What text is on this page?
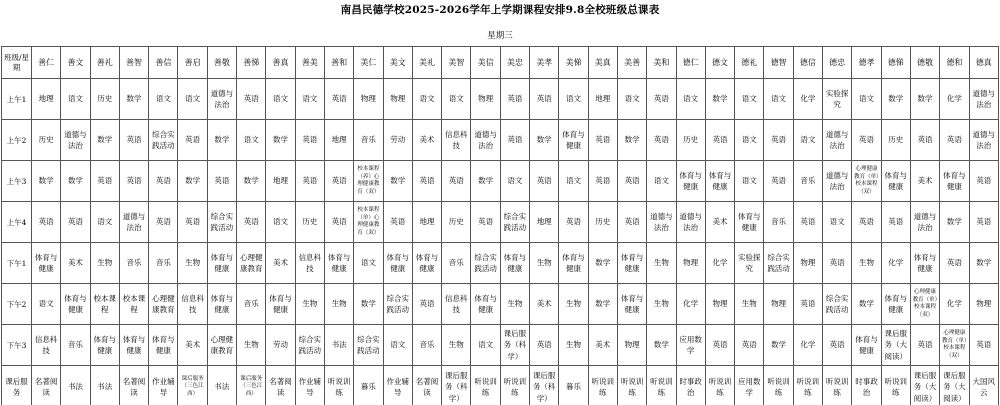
南昌民德学校2025-2026学年上学期课程安排9.8全校班级总课表
星期三
班级/星期	善仁	善文	善礼	善智	善信	善启	善敬	善悌	善真	善美	善和	美仁	美文	美礼	美智	美信	美忠	美孝	美悌	美真	美善	美和	德仁	德文	德礼	德智	德信	德忠	德孝	德悌	德敬	德和	德真
上午1	地理	语文	历史	数学	语文	语文	道德与法治	英语	语文	语文	英语	物理	物理	语文	语文	物理	英语	英语	语文	地理	语文	英语	语文	数学	语文	语文	化学	实验探究	语文	数学	数学	化学	道德与法治
上午2	历史	道德与法治	数学	英语	综合实践活动	英语	数学	语文	数学	英语	地理	音乐	劳动	美术	信息科技	道德与法治	英语	数学	体育与健康	英语	数学	英语	历史	英语	语文	英语	语文	道德与法治	英语	历史	英语	英语	道德与法治
上午3	数学	数学	英语	英语	英语	数学	英语	数学	地理	英语	英语	校本课程（养）心理健康教育（双）	数学	英语	英语	数学	语文	英语	语文	英语	英语	语文	体育与健康	体育与健康	语文	英语	音乐	道德与法治	心理健康教育（单）校本课程（双）	体育与健康	美术	体育与健康	英语
上午4	英语	英语	语文	道德与法治	英语	英语	综合实践活动	英语	语文	历史	英语	校本课程（单）心理健康教育（双）	英语	地理	历史	英语	综合实践活动	地理	英语	历史	英语	道德与法治	道德与法治	美术	体育与健康	音乐	英语	语文	英语	英语	道德与法治	数学	英语
下午1	体育与健康	美术	生物	音乐	音乐	生物	体育与健康	心理健康教育	美术	信息科技	体育与健康	语文	体育与健康	体育与健康	音乐	综合实践活动	体育与健康	生物	体育与健康	数学	体育与健康	生物	物理	化学	实验探究	综合实践活动	物理	英语	生物	化学	体育与健康	英语	数学
下午2	语文	体育与健康	校本课程	校本课程	心理健康教育	信息科技	体育与健康	音乐	体育与健康	生物	生物	数学	综合实践活动	英语	信息科技	体育与健康	生物	美术	生物	数学	体育与健康	生物	化学	物理	生物	物理	英语	综合实践活动	数学	体育与健康	心理健康教育（单）校本课程（双）	化学	物理
下午3	信息科技	音乐	体育与健康	体育与健康	体育与健康	美术	心理健康教育	生物	劳动	综合实践活动	书法	综合实践活动	语文	音乐	生物	语文	课后服务（科学）	英语	生物	美术	物理	数学	应用数学	英语	英语	数学	化学	英语	体育与健康	课后服务（大阅读）	英语	心理健康教育（单）校本课程（双）	英语
课后服务	名著阅读	书法	书法	名著阅读	作业辅导	课后服务（三色江西）	书法	课后服务（三色江西）	名著阅读	作业辅导	听说训练	暮乐	作业辅导	名著阅读	课后服务（科学）	听说训练	听说训练	课后服务（科学）	暮乐	听说训练	听说训练	听说训练	时事政治	听说训练	应用数学	听说训练	听说训练	听说训练	时事政治	听说训练	课后服务（大阅读）	课后服务（大阅读）	大国风云
